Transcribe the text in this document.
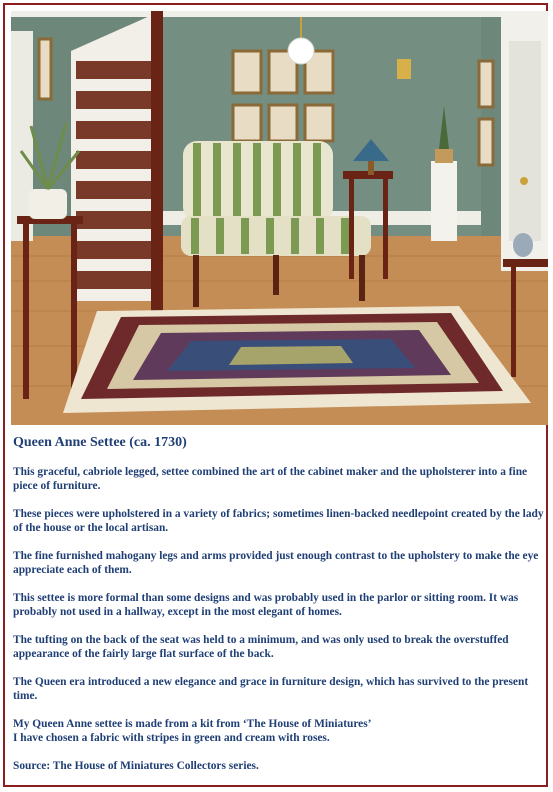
Queen Anne Settee (ca. 1730)

This graceful, cabriole legged, settee combined the art of the cabinet maker and the upholsterer into a fine piece of furniture.

These pieces were upholstered in a variety of fabrics; sometimes linen-backed needlepoint created by the lady of the house or the local artisan.

The fine furnished mahogany legs and arms provided just enough contrast to the upholstery to make the eye appreciate each of them.

This settee is more formal than some designs and was probably used in the parlor or sitting room. It was probably not used in a hallway, except in the most elegant of homes.

The tufting on the back of the seat was held to a minimum, and was only used to break the overstuffed appearance of the fairly large flat surface of the back.

The Queen era introduced a new elegance and grace in furniture design, which has survived to the present time.

My Queen Anne settee is made from a kit from ‘The House of Miniatures’
I have chosen a fabric with stripes in green and cream with roses.

Source: The House of Miniatures Collectors series.
